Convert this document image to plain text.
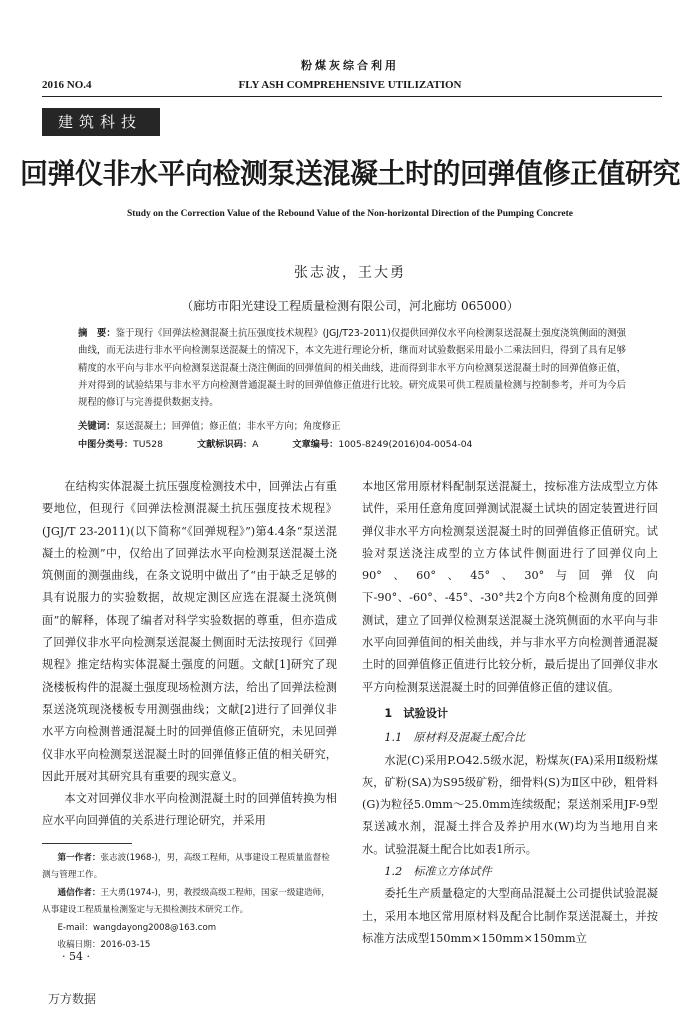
粉煤灰综合利用
2016 NO.4	FLY ASH COMPREHENSIVE UTILIZATION
建筑科技
回弹仪非水平向检测泵送混凝土时的回弹值修正值研究
Study on the Correction Value of the Rebound Value of the Non-horizontal Direction of the Pumping Concrete
张志波，王大勇
（廊坊市阳光建设工程质量检测有限公司，河北廊坊 065000）
摘　要：鉴于现行《回弹法检测混凝土抗压强度技术规程》(JGJ/T23-2011)仅提供回弹仪水平向检测泵送混凝土强度浇筑侧面的测强曲线，而无法进行非水平向检测泵送混凝土的情况下，本文先进行理论分析，继而对试验数据采用最小二乘法回归，得到了具有足够精度的水平向与非水平向检测泵送混凝土浇注侧面的回弹值间的相关曲线，进而得到非水平方向检测泵送混凝土时的回弹值修正值，并对得到的试验结果与非水平方向检测普通混凝土时的回弹值修正值进行比较。研究成果可供工程质量检测与控制参考，并可为今后规程的修订与完善提供数据支持。
关键词：泵送混凝土；回弹值；修正值；非水平方向；角度修正
中图分类号：TU528	文献标识码：A	文章编号：1005-8249(2016)04-0054-04

在结构实体混凝土抗压强度检测技术中，回弹法占有重要地位，但现行《回弹法检测混凝土抗压强度技术规程》(JGJ/T 23-2011)(以下简称“《回弹规程》”)第4.4条“泵送混凝土的检测”中，仅给出了回弹法水平向检测泵送混凝土浇筑侧面的测强曲线，在条文说明中做出了“由于缺乏足够的具有说服力的实验数据，故规定测区应选在混凝土浇筑侧面”的解释，体现了编者对科学实验数据的尊重，但亦造成了回弹仪非水平向检测泵送混凝土侧面时无法按现行《回弹规程》推定结构实体混凝土强度的问题。文献[1]研究了现浇楼板构件的混凝土强度现场检测方法，给出了回弹法检测泵送浇筑现浇楼板专用测强曲线；文献[2]进行了回弹仪非水平方向检测普通混凝土时的回弹值修正值研究，未见回弹仪非水平向检测泵送混凝土时的回弹值修正值的相关研究，因此开展对其研究具有重要的现实意义。

本文对回弹仪非水平向检测混凝土时的回弹值转换为相应水平向回弹值的关系进行理论研究，并采用

第一作者：张志波(1968-)，男，高级工程师，从事建设工程质量监督检测与管理工作。

通信作者：王大勇(1974-)，男，教授级高级工程师，国家一级建造师，从事建设工程质量检测鉴定与无损检测技术研究工作。

E-mail：wangdayong2008@163.com

收稿日期：2016-03-15

· 54 ·

本地区常用原材料配制泵送混凝土，按标准方法成型立方体试件，采用任意角度回弹测试混凝土试块的固定装置进行回弹仪非水平方向检测泵送混凝土时的回弹值修正值研究。试验对泵送浇注成型的立方体试件侧面进行了回弹仪向上90°、60°、45°、30°与回弹仪向下-90°、-60°、-45°、-30°共2个方向8个检测角度的回弹测试，建立了回弹仪检测泵送混凝土浇筑侧面的水平向与非水平向回弹值间的相关曲线，并与非水平方向检测普通混凝土时的回弹值修正值进行比较分析，最后提出了回弹仪非水平方向检测泵送混凝土时的回弹值修正值的建议值。

1　试验设计

1.1　原材料及混凝土配合比

水泥(C)采用P.O42.5级水泥，粉煤灰(FA)采用Ⅱ级粉煤灰，矿粉(SA)为S95级矿粉，细骨料(S)为Ⅱ区中砂，粗骨料(G)为粒径5.0mm～25.0mm连续级配；泵送剂采用JF-9型泵送减水剂，混凝土拌合及养护用水(W)均为当地用自来水。试验混凝土配合比如表1所示。

1.2　标准立方体试件

委托生产质量稳定的大型商品混凝土公司提供试验混凝土，采用本地区常用原材料及配合比制作泵送混凝土，并按标准方法成型150mm×150mm×150mm立

万方数据
